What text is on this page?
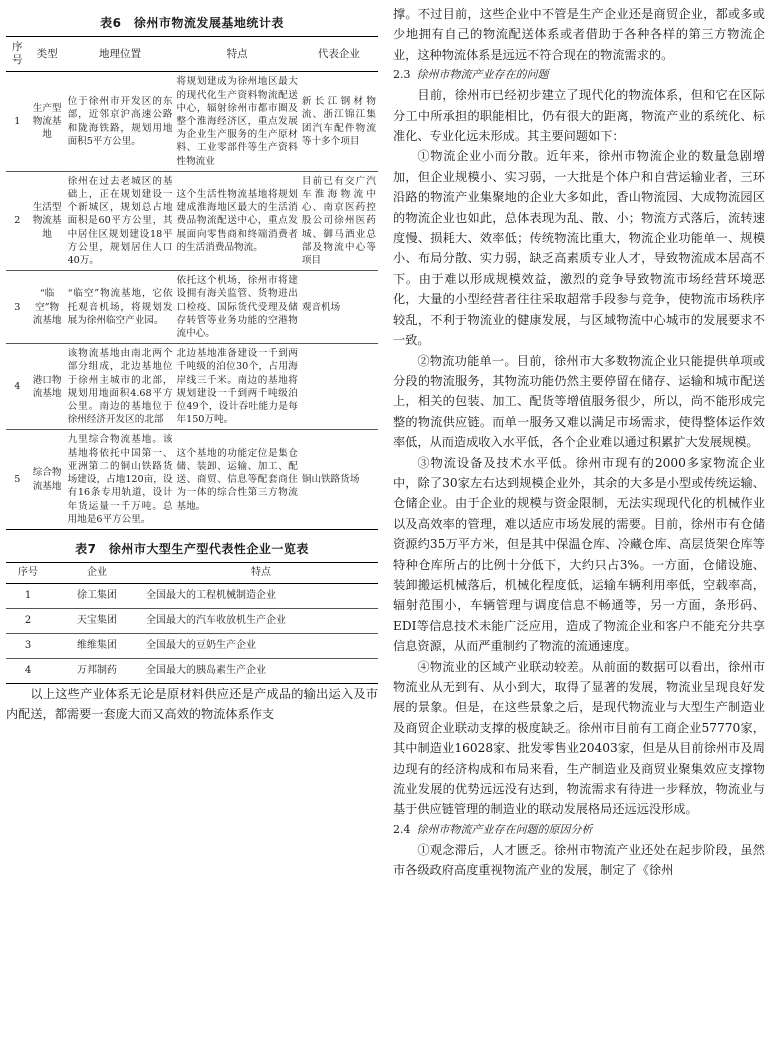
表6　徐州市物流发展基地统计表
序号	类型	地理位置	特点	代表企业
1	生产型物流基地	位于徐州市开发区的东部，近邻京沪高速公路和陇海铁路，规划用地面积5平方公里。	将规划建成为徐州地区最大的现代化生产资料物流配送中心，辐射徐州市都市圈及整个淮海经济区，重点发展为企业生产服务的生产原材料、工业零部件等生产资料性物流业	新长江钢材物流、浙江锦江集团汽车配件物流等十多个项目
2	生活型物流基地	徐州在过去老城区的基础上，正在规划建设一个新城区，规划总占地面积是60平方公里，其中居住区规划建设18平方公里，规划居住人口40万。	这个生活性物流基地将规划建成淮海地区最大的生活消费品物流配送中心，重点发展面向零售商和终端消费者的生活消费品物流。	目前已有交广汽车淮海物流中心、南京医药控股公司徐州医药城、御马酒业总部及物流中心等项目
3	“临空”物流基地	“临空”物流基地，它依托观音机场，将规划发展为徐州临空产业园。	依托这个机场，徐州市将建设拥有海关监管、货物进出口检疫、国际货代受理及储存转管等业务功能的空港物流中心。	观音机场
4	港口物流基地	该物流基地由南北两个部分组成，北边基地位于徐州主城市的北部，规划用地面积4.68平方公里。南边的基地位于徐州经济开发区的北部	北边基地准备建设一千到两千吨级的泊位30个，占用海岸线三千米。南边的基地将规划建设一千到两千吨级泊位49个，设计吞吐能力是每年150万吨。	
5	综合物流基地	九里综合物流基地。该基地将依托中国第一、亚洲第二的铜山铁路货场建设，占地120亩，设有16条专用轨道，设计年货运量一千万吨。总用地是6平方公里。	这个基地的功能定位是集仓储、装卸、运输、加工、配送、商贸、信息等配套商住为一体的综合性第三方物流基地。	铜山铁路货场
表7　徐州市大型生产型代表性企业一览表
序号	企业	特点
1	徐工集团	全国最大的工程机械制造企业
2	天宝集团	全国最大的汽车收放机生产企业
3	维维集团	全国最大的豆奶生产企业
4	万邦制药	全国最大的胰岛素生产企业

以上这些产业体系无论是原材料供应还是产成品的输出运入及市内配送，都需要一套庞大而又高效的物流体系作支

撑。不过目前，这些企业中不管是生产企业还是商贸企业，都或多或少地拥有自己的物流配送体系或者借助于各种各样的第三方物流企业，这种物流体系是远远不符合现在的物流需求的。

2.3 徐州市物流产业存在的问题

目前，徐州市已经初步建立了现代化的物流体系，但和它在区际分工中所承担的职能相比，仍有很大的距离，物流产业的系统化、标准化、专业化远未形成。其主要问题如下：

①物流企业小而分散。近年来，徐州市物流企业的数量急剧增加，但企业规模小、实习弱，一大批是个体户和自营运输业者，三环沿路的物流产业集聚地的企业大多如此，香山物流园、大成物流园区的物流企业也如此，总体表现为乱、散、小；物流方式落后，流转速度慢、损耗大、效率低；传统物流比重大，物流企业功能单一、规模小、布局分散、实力弱，缺乏高素质专业人才，导致物流成本居高不下。由于难以形成规模效益，激烈的竞争导致物流市场经营环境恶化，大量的小型经营者往往采取超常手段参与竞争，使物流市场秩序较乱，不利于物流业的健康发展，与区域物流中心城市的发展要求不一致。

②物流功能单一。目前，徐州市大多数物流企业只能提供单项或分段的物流服务，其物流功能仍然主要停留在储存、运输和城市配送上，相关的包装、加工、配货等增值服务很少，所以，尚不能形成完整的物流供应链。而单一服务又难以满足市场需求，使得整体运作效率低，从而造成收入水平低，各个企业难以通过积累扩大发展规模。

③物流设备及技术水平低。徐州市现有的2000多家物流企业中，除了30家左右达到规模企业外，其余的大多是小型或传统运输、仓储企业。由于企业的规模与资金限制，无法实现现代化的机械作业以及高效率的管理，难以适应市场发展的需要。目前，徐州市有仓储资源约35万平方米，但是其中保温仓库、冷藏仓库、高层货架仓库等特种仓库所占的比例十分低下，大约只占3%。一方面，仓储设施、装卸搬运机械落后，机械化程度低，运输车辆利用率低，空载率高，辐射范围小，车辆管理与调度信息不畅通等，另一方面，条形码、EDI等信息技术未能广泛应用，造成了物流企业和客户不能充分共享信息资源，从而严重制约了物流的流通速度。

④物流业的区域产业联动较差。从前面的数据可以看出，徐州市物流业从无到有、从小到大，取得了显著的发展，物流业呈现良好发展的景象。但是，在这些景象之后，是现代物流业与大型生产制造业及商贸企业联动支撑的极度缺乏。徐州市目前有工商企业57770家，其中制造业16028家、批发零售业20403家，但是从目前徐州市及周边现有的经济构成和布局来看，生产制造业及商贸业聚集效应支撑物流业发展的优势远远没有达到，物流需求有待进一步释放，物流业与基于供应链管理的制造业的联动发展格局还远远没形成。

2.4 徐州市物流产业存在问题的原因分析

①观念滞后，人才匮乏。徐州市物流产业还处在起步阶段，虽然市各级政府高度重视物流产业的发展，制定了《徐州
